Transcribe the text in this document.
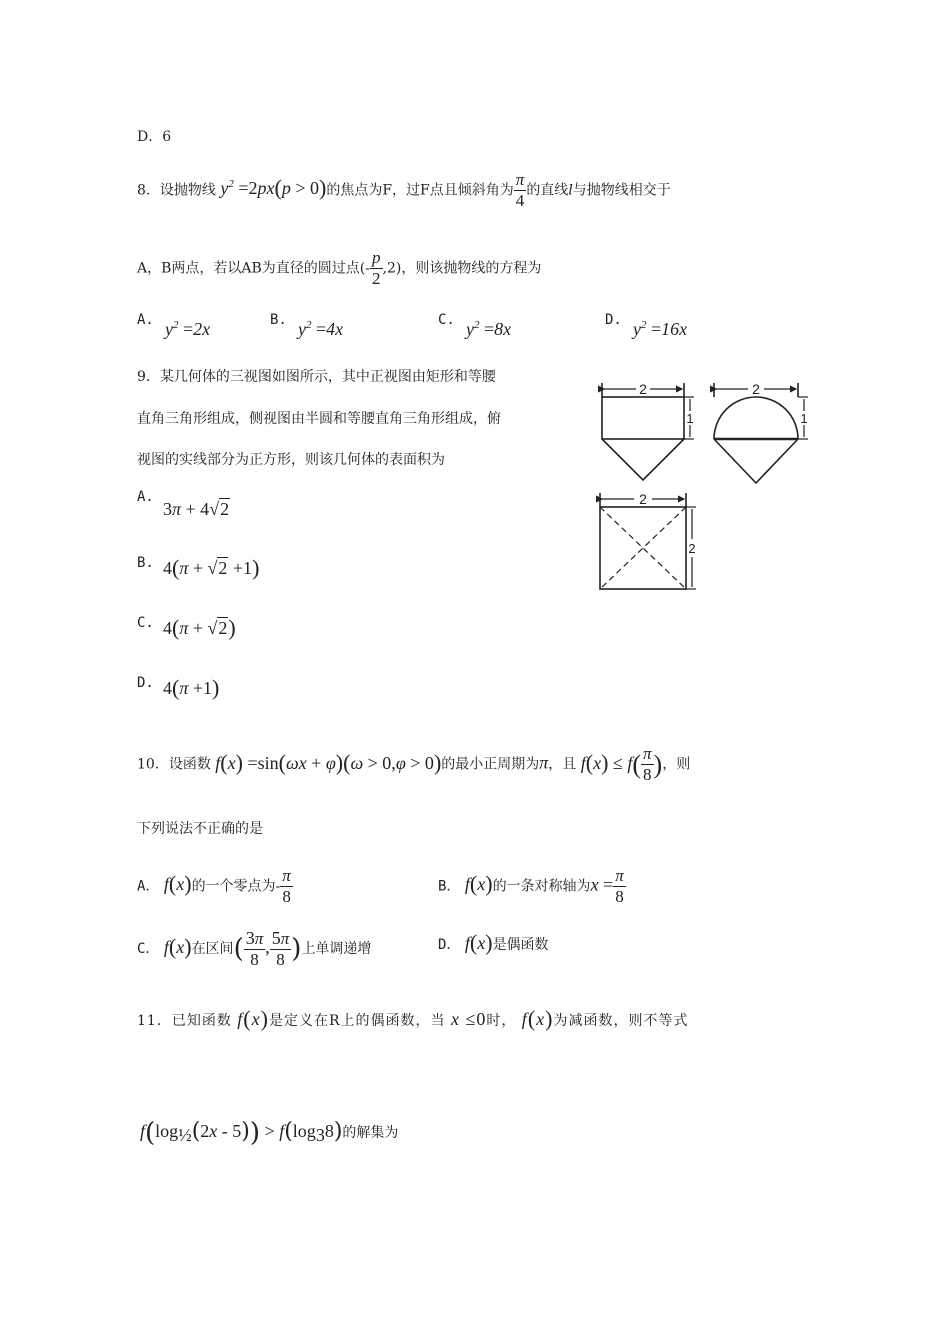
D．6
8．设抛物线 $y^2 =2px(p > 0)$的焦点为F，过F点且倾斜角为 $\frac{\pi}{4}$ 的直线l与抛物线相交于
A，B两点，若以AB为直径的圆过点(- $\frac{p}{2} ,2$)，则该抛物线的方程为
A. $y^2 =2x$	B. $y^2 =4x$	C. $y^2 =8x$	D. $y^2 =16x$
9．某几何体的三视图如图所示，其中正视图由矩形和等腰
直角三角形组成，侧视图由半圆和等腰直角三角形组成，俯
视图的实线部分为正方形，则该几何体的表面积为
A.
3π + 4√2
B. 4(π + √2 +1)
C. 4(π + √2)
D. 4(π +1)
2
1
2
1
2
2
10．设函数 f(x) =sin(ωx + φ)(ω > 0,φ > 0)的最小正周期为π，且 $f(x) \le f( \frac{\pi}{8}$ )，则
下列说法不正确的是
A． f(x)的一个零点为- $\frac{\pi}{8}$	B． f(x)的一条对称轴为$x = \frac{\pi}{8}$
C． f(x)在区间( $\frac{3\pi}{8}$ , $\frac{5\pi}{8}$ )上单调递增	D． f(x)是偶函数
11．已知函数 f(x)是定义在R上的偶函数，当 x ≤0时， f(x)为减函数，则不等式
$f(\log_{\frac{1}{2}}(2x - 5)) > f(\log_38)$的解集为
